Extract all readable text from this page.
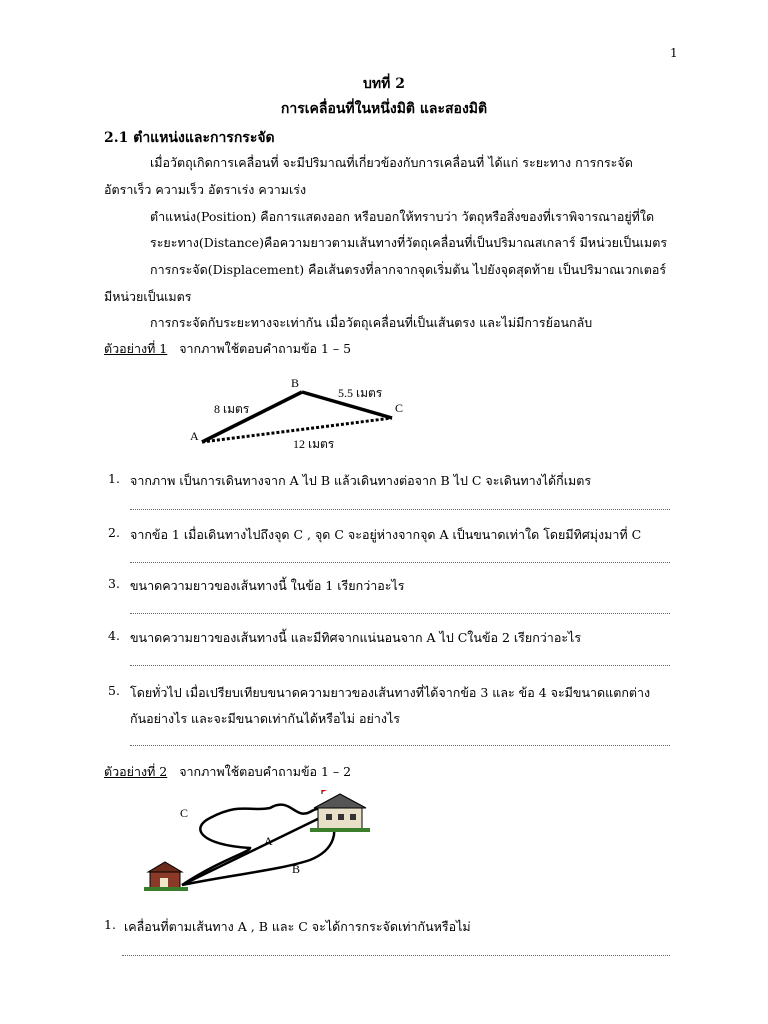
1
บทที่ 2
การเคลื่อนที่ในหนึ่งมิติ และสองมิติ
2.1 ตำแหน่งและการกระจัด
เมื่อวัตถุเกิดการเคลื่อนที่ จะมีปริมาณที่เกี่ยวข้องกับการเคลื่อนที่ ได้แก่ ระยะทาง การกระจัด
อัตราเร็ว ความเร็ว อัตราเร่ง ความเร่ง
ตำแหน่ง(Position) คือการแสดงออก หรือบอกให้ทราบว่า วัตถุหรือสิ่งของที่เราพิจารณาอยู่ที่ใด
ระยะทาง(Distance)คือความยาวตามเส้นทางที่วัตถุเคลื่อนที่เป็นปริมาณสเกลาร์ มีหน่วยเป็นเมตร
การกระจัด(Displacement) คือเส้นตรงที่ลากจากจุดเริ่มต้น ไปยังจุดสุดท้าย เป็นปริมาณเวกเตอร์
มีหน่วยเป็นเมตร
การกระจัดกับระยะทางจะเท่ากัน เมื่อวัตถุเคลื่อนที่เป็นเส้นตรง และไม่มีการย้อนกลับ
ตัวอย่างที่ 1 จากภาพใช้ตอบคำถามข้อ 1 – 5
B
C
A
8 เมตร
5.5 เมตร
12 เมตร
1. จากภาพ เป็นการเดินทางจาก A ไป B แล้วเดินทางต่อจาก B ไป C จะเดินทางได้กี่เมตร
2. จากข้อ 1 เมื่อเดินทางไปถึงจุด C , จุด C จะอยู่ห่างจากจุด A เป็นขนาดเท่าใด โดยมีทิศมุ่งมาที่ C
3. ขนาดความยาวของเส้นทางนี้ ในข้อ 1 เรียกว่าอะไร
4. ขนาดความยาวของเส้นทางนี้ และมีทิศจากแน่นอนจาก A ไป Cในข้อ 2 เรียกว่าอะไร
5. โดยทั่วไป เมื่อเปรียบเทียบขนาดความยาวของเส้นทางที่ได้จากข้อ 3 และ ข้อ 4 จะมีขนาดแตกต่าง
กันอย่างไร และจะมีขนาดเท่ากันได้หรือไม่ อย่างไร
ตัวอย่างที่ 2 จากภาพใช้ตอบคำถามข้อ 1 – 2
C
A
B
1. เคลื่อนที่ตามเส้นทาง A , B และ C จะได้การกระจัดเท่ากันหรือไม่
